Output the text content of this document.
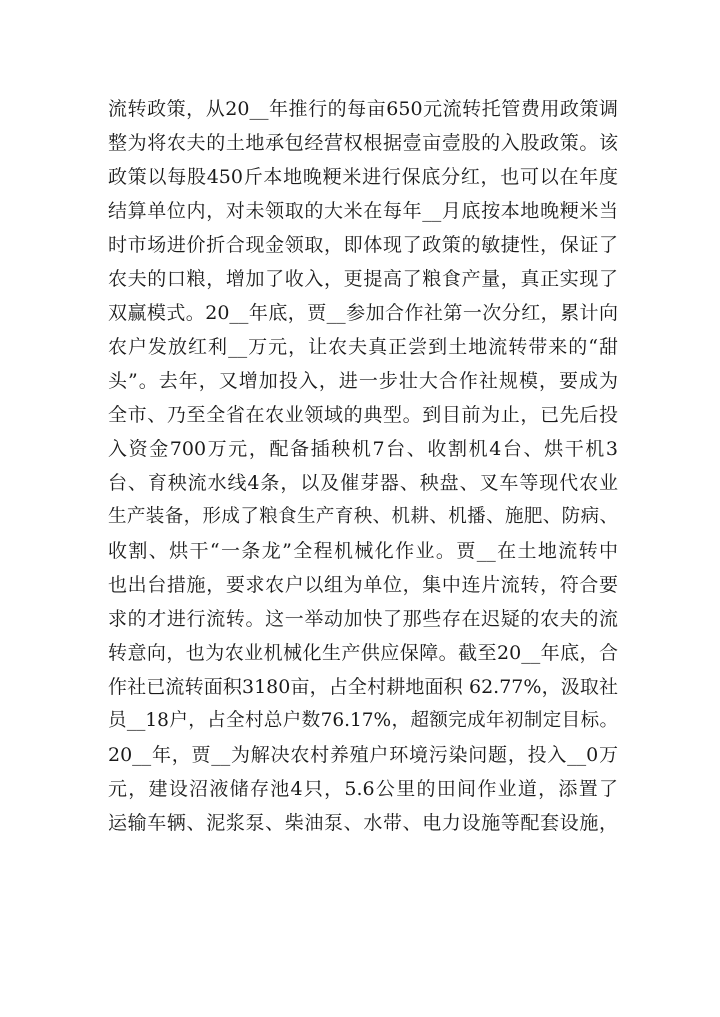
流转政策，从20__年推行的每亩650元流转托管费用政策调
整为将农夫的土地承包经营权根据壹亩壹股的入股政策。该
政策以每股450斤本地晚粳米进行保底分红，也可以在年度
结算单位内，对未领取的大米在每年__月底按本地晚粳米当
时市场进价折合现金领取，即体现了政策的敏捷性，保证了
农夫的口粮，增加了收入，更提高了粮食产量，真正实现了
双赢模式。20__年底，贾__参加合作社第一次分红，累计向
农户发放红利__万元，让农夫真正尝到土地流转带来的“甜
头”。去年，又增加投入，进一步壮大合作社规模，要成为
全市、乃至全省在农业领域的典型。到目前为止，已先后投
入资金700万元，配备插秧机7台、收割机4台、烘干机3
台、育秧流水线4条，以及催芽器、秧盘、叉车等现代农业
生产装备，形成了粮食生产育秧、机耕、机播、施肥、防病、
收割、烘干“一条龙”全程机械化作业。贾__在土地流转中
也出台措施，要求农户以组为单位，集中连片流转，符合要
求的才进行流转。这一举动加快了那些存在迟疑的农夫的流
转意向，也为农业机械化生产供应保障。截至20__年底，合
作社已流转面积3180亩，占全村耕地面积 62.77%，汲取社
员__18户，占全村总户数76.17%，超额完成年初制定目标。
20__年，贾__为解决农村养殖户环境污染问题，投入__0万
元，建设沼液储存池4只，5.6公里的田间作业道，添置了
运输车辆、泥浆泵、柴油泵、水带、电力设施等配套设施，
